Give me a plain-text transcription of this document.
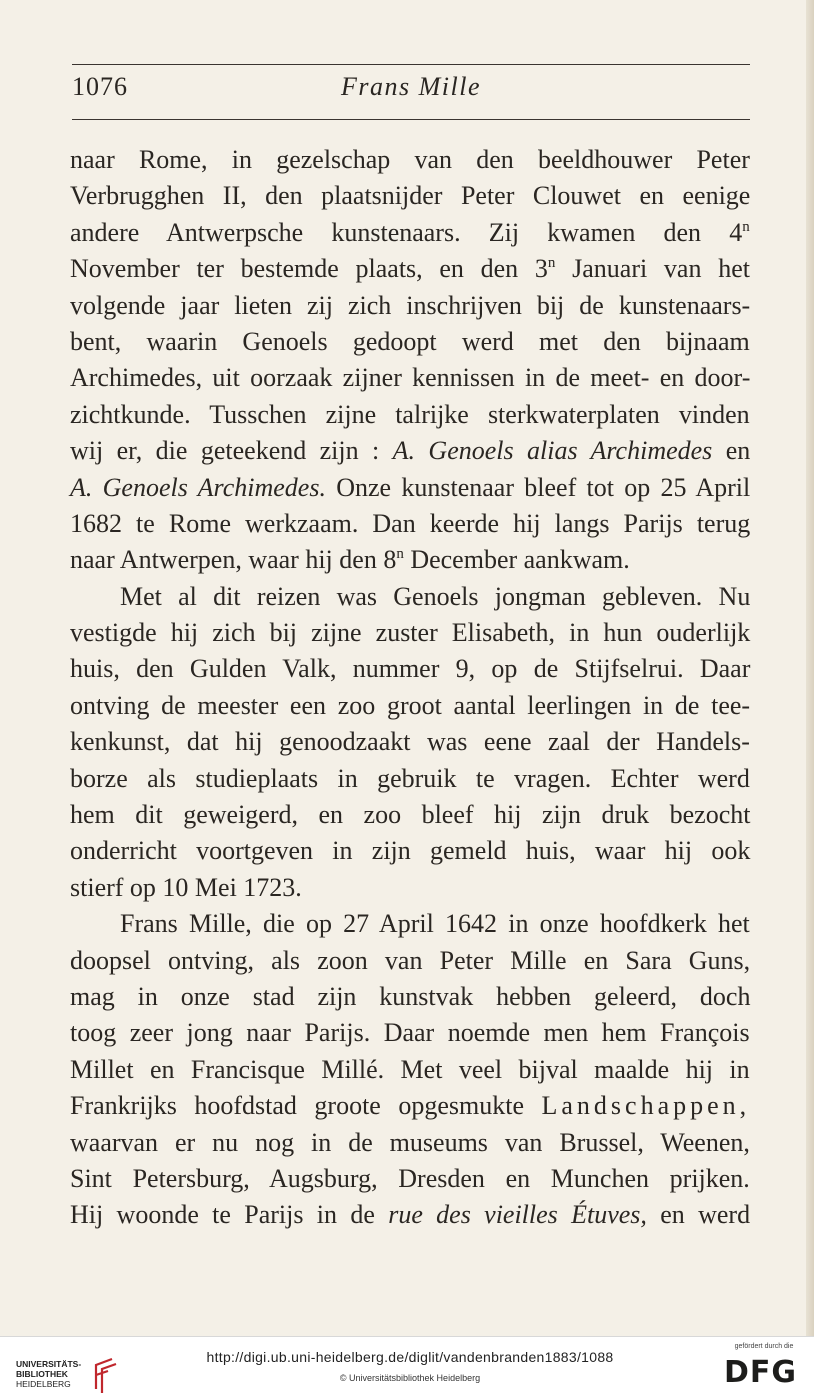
1076	Frans Mille
naar Rome, in gezelschap van den beeldhouwer Peter
Verbrugghen II, den plaatsnijder Peter Clouwet en eenige
andere Antwerpsche kunstenaars. Zij kwamen den 4$^n$
November ter bestemde plaats, en den 3$^n$ Januari van het
volgende jaar lieten zij zich inschrijven bij de kunstenaars-
bent, waarin Genoels gedoopt werd met den bijnaam
Archimedes, uit oorzaak zijner kennissen in de meet- en door-
zichtkunde. Tusschen zijne talrijke sterkwaterplaten vinden
wij er, die geteekend zijn : A. Genoels alias Archimedes en
A. Genoels Archimedes. Onze kunstenaar bleef tot op 25 April
1682 te Rome werkzaam. Dan keerde hij langs Parijs terug
naar Antwerpen, waar hij den 8$^n$ December aankwam.
Met al dit reizen was Genoels jongman gebleven. Nu
vestigde hij zich bij zijne zuster Elisabeth, in hun ouderlijk
huis, den Gulden Valk, nummer 9, op de Stijfselrui. Daar
ontving de meester een zoo groot aantal leerlingen in de tee-
kenkunst, dat hij genoodzaakt was eene zaal der Handels-
borze als studieplaats in gebruik te vragen. Echter werd
hem dit geweigerd, en zoo bleef hij zijn druk bezocht
onderricht voortgeven in zijn gemeld huis, waar hij ook
stierf op 10 Mei 1723.
Frans Mille, die op 27 April 1642 in onze hoofdkerk het
doopsel ontving, als zoon van Peter Mille en Sara Guns,
mag in onze stad zijn kunstvak hebben geleerd, doch
toog zeer jong naar Parijs. Daar noemde men hem François
Millet en Francisque Millé. Met veel bijval maalde hij in
Frankrijks hoofdstad groote opgesmukte Landschappen,
waarvan er nu nog in de museums van Brussel, Weenen,
Sint Petersburg, Augsburg, Dresden en Munchen prijken.
Hij woonde te Parijs in de rue des vieilles Étuves, en werd
UNIVERSITÄTS-
BIBLIOTHEK
HEIDELBERG
http://digi.ub.uni-heidelberg.de/diglit/vandenbranden1883/1088
© Universitätsbibliothek Heidelberg
gefördert durch die
DFG
